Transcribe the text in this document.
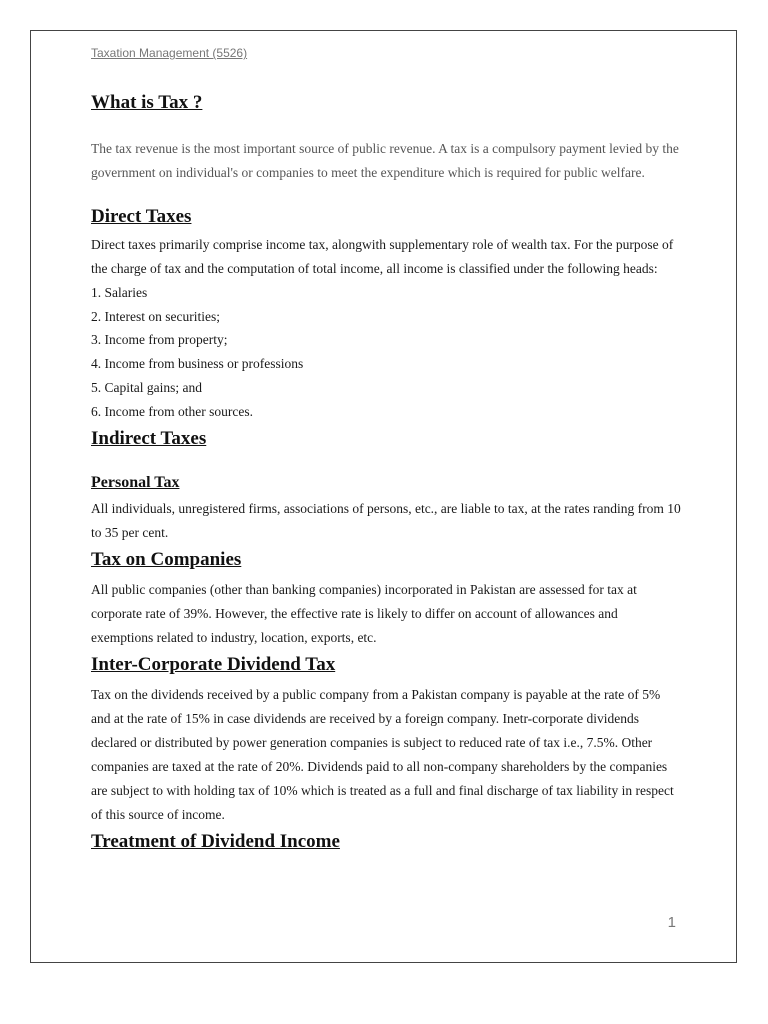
Taxation Management (5526)

What is Tax ?

The tax revenue is the most important source of public revenue. A tax is a compulsory payment levied by the government on individual's or companies to meet the expenditure which is required for public welfare.

Direct Taxes

Direct taxes primarily comprise income tax, alongwith supplementary role of wealth tax. For the purpose of the charge of tax and the computation of total income, all income is classified under the following heads:

1. Salaries
2. Interest on securities;
3. Income from property;
4. Income from business or professions
5. Capital gains; and
6. Income from other sources.
Indirect Taxes
Personal Tax

All individuals, unregistered firms, associations of persons, etc., are liable to tax, at the rates randing from 10 to 35 per cent.

Tax on Companies

All public companies (other than banking companies) incorporated in Pakistan are assessed for tax at corporate rate of 39%. However, the effective rate is likely to differ on account of allowances and exemptions related to industry, location, exports, etc.

Inter-Corporate Dividend Tax

Tax on the dividends received by a public company from a Pakistan company is payable at the rate of 5% and at the rate of 15% in case dividends are received by a foreign company. Inetr-corporate dividends declared or distributed by power generation companies is subject to reduced rate of tax i.e., 7.5%. Other companies are taxed at the rate of 20%. Dividends paid to all non-company shareholders by the companies are subject to with holding tax of 10% which is treated as a full and final discharge of tax liability in respect of this source of income.

Treatment of Dividend Income
1
